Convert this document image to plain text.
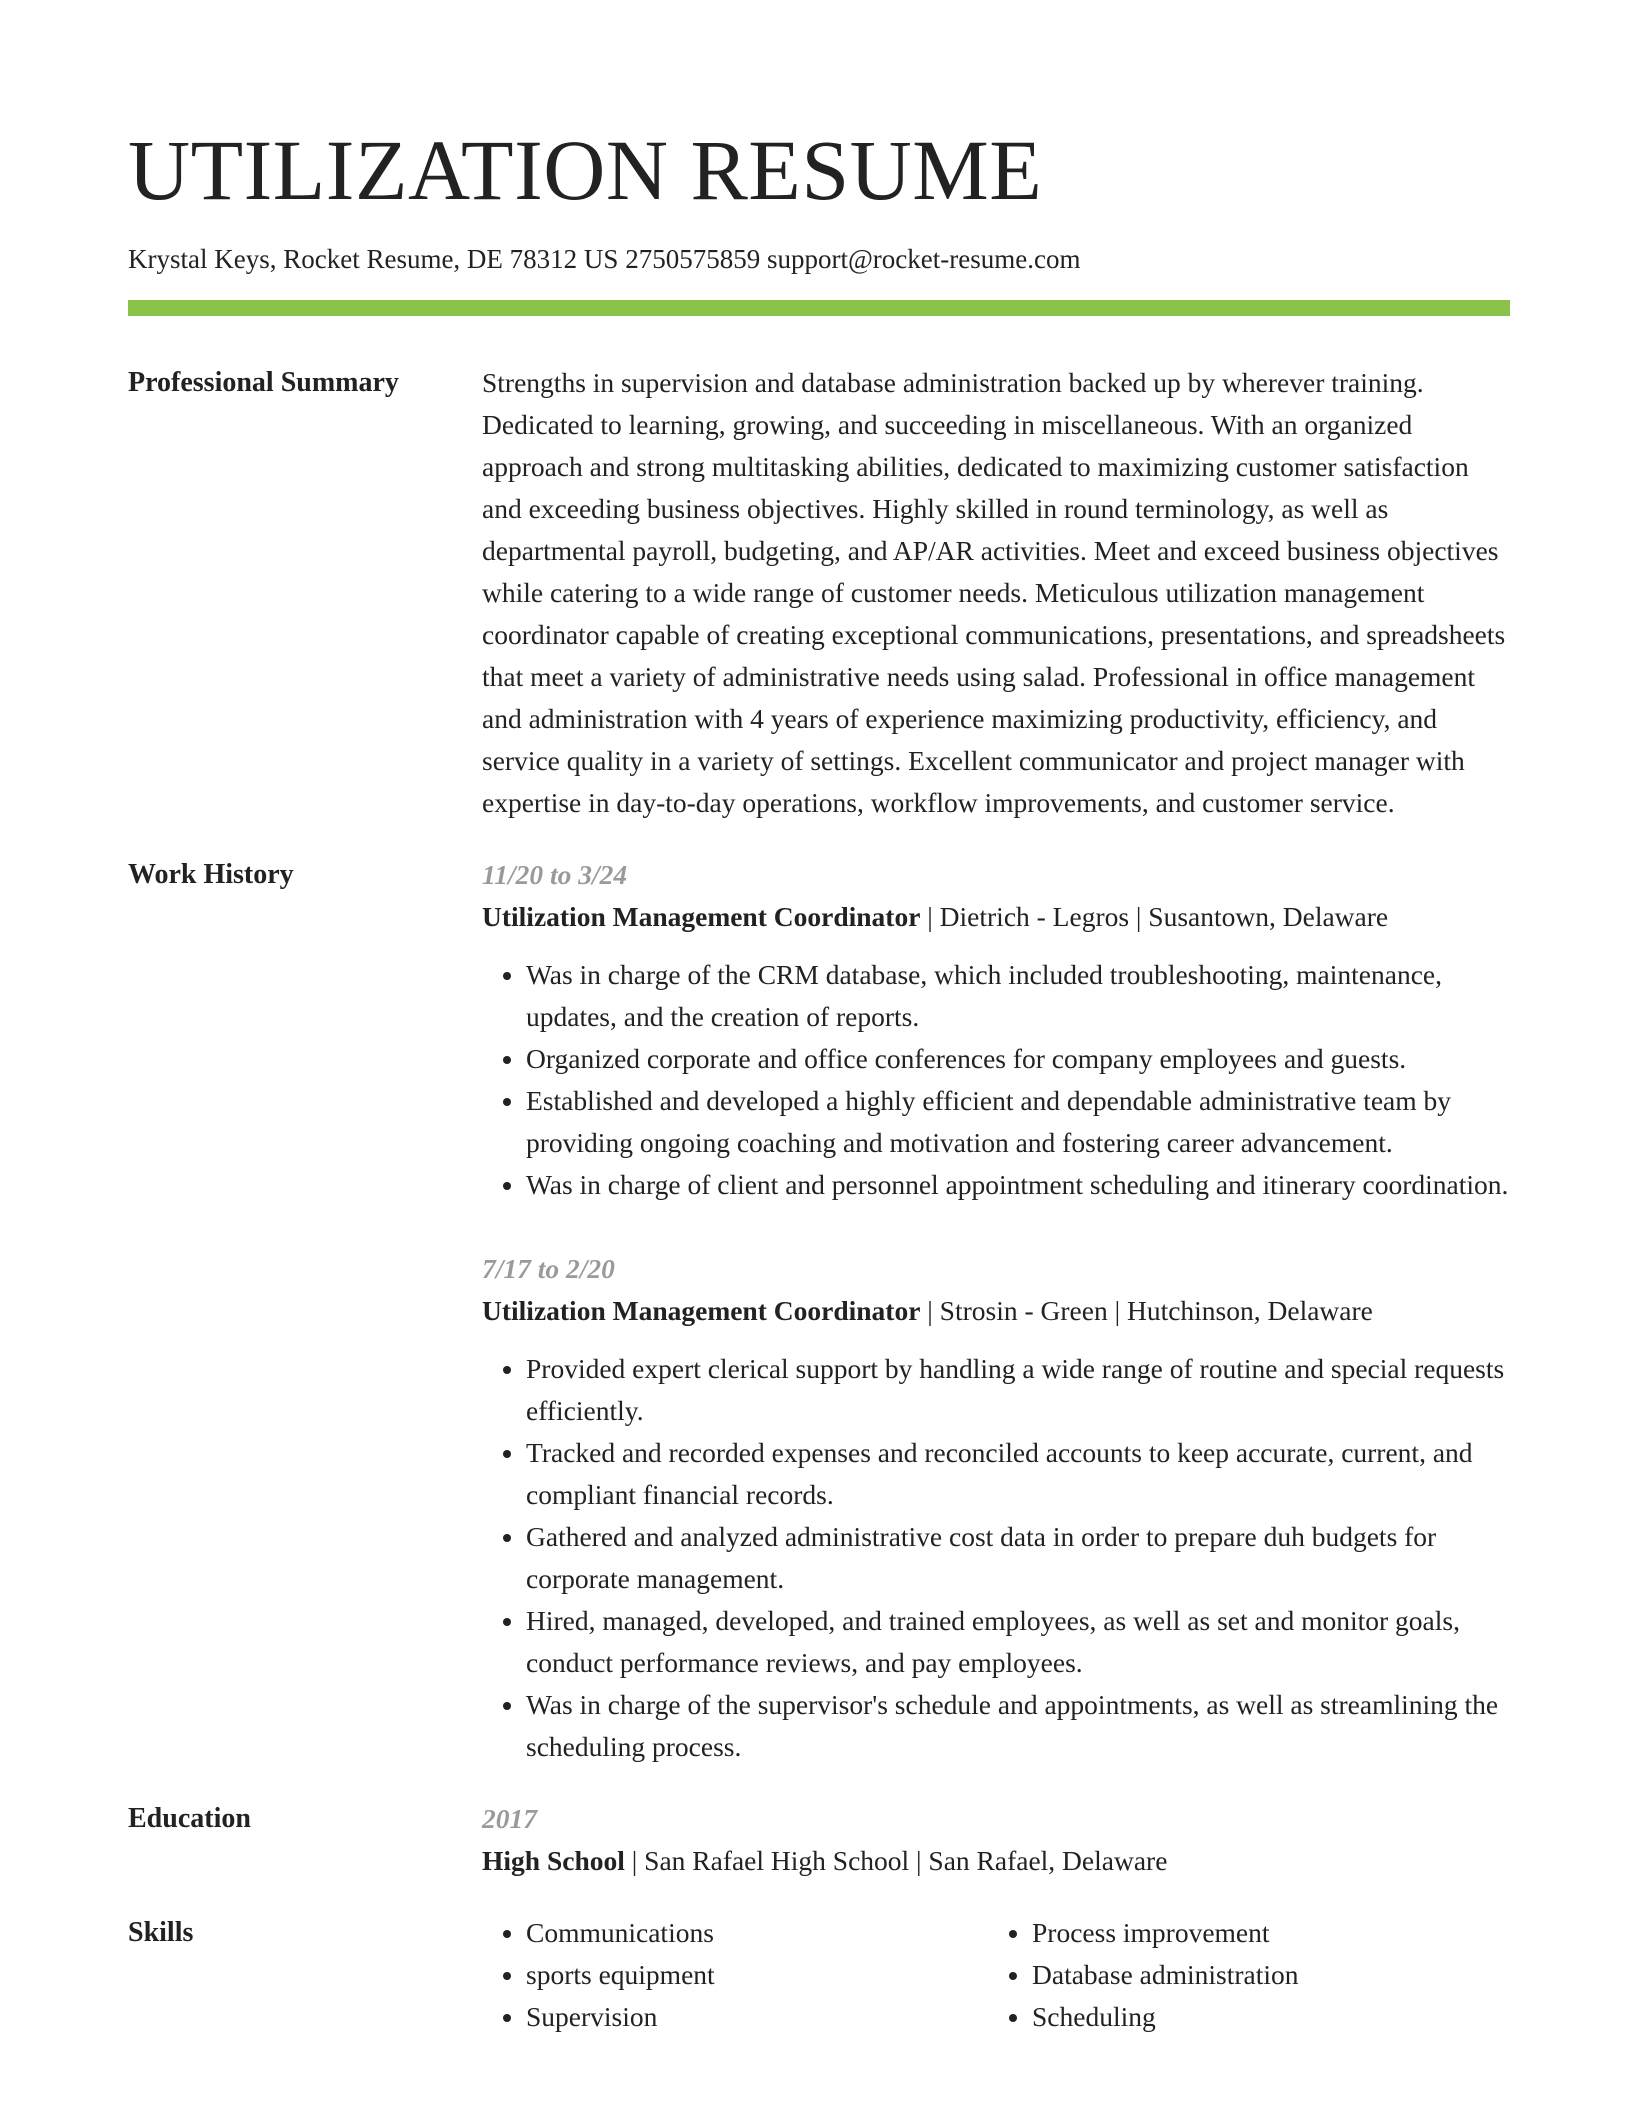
UTILIZATION RESUME
Krystal Keys, Rocket Resume, DE 78312 US 2750575859 support@rocket-resume.com
Professional Summary	Strengths in supervision and database administration backed up by wherever training. Dedicated to learning, growing, and succeeding in miscellaneous. With an organized approach and strong multitasking abilities, dedicated to maximizing customer satisfaction and exceeding business objectives. Highly skilled in round terminology, as well as departmental payroll, budgeting, and AP/AR activities. Meet and exceed business objectives while catering to a wide range of customer needs. Meticulous utilization management coordinator capable of creating exceptional communications, presentations, and spreadsheets that meet a variety of administrative needs using salad. Professional in office management and administration with 4 years of experience maximizing productivity, efficiency, and service quality in a variety of settings. Excellent communicator and project manager with expertise in day-to-day operations, workflow improvements, and customer service.

Work History	11/20 to 3/24
Utilization Management Coordinator | Dietrich - Legros | Susantown, Delaware
• Was in charge of the CRM database, which included troubleshooting, maintenance, updates, and the creation of reports.
• Organized corporate and office conferences for company employees and guests.
• Established and developed a highly efficient and dependable administrative team by providing ongoing coaching and motivation and fostering career advancement.
• Was in charge of client and personnel appointment scheduling and itinerary coordination.
7/17 to 2/20
Utilization Management Coordinator | Strosin - Green | Hutchinson, Delaware
• Provided expert clerical support by handling a wide range of routine and special requests efficiently.
• Tracked and recorded expenses and reconciled accounts to keep accurate, current, and compliant financial records.
• Gathered and analyzed administrative cost data in order to prepare duh budgets for corporate management.
• Hired, managed, developed, and trained employees, as well as set and monitor goals, conduct performance reviews, and pay employees.
• Was in charge of the supervisor's schedule and appointments, as well as streamlining the scheduling process.
Education	2017
High School | San Rafael High School | San Rafael, Delaware
Skills
•	Communications
• sports equipment
• Supervision
• Process improvement
• Database administration
• Scheduling
